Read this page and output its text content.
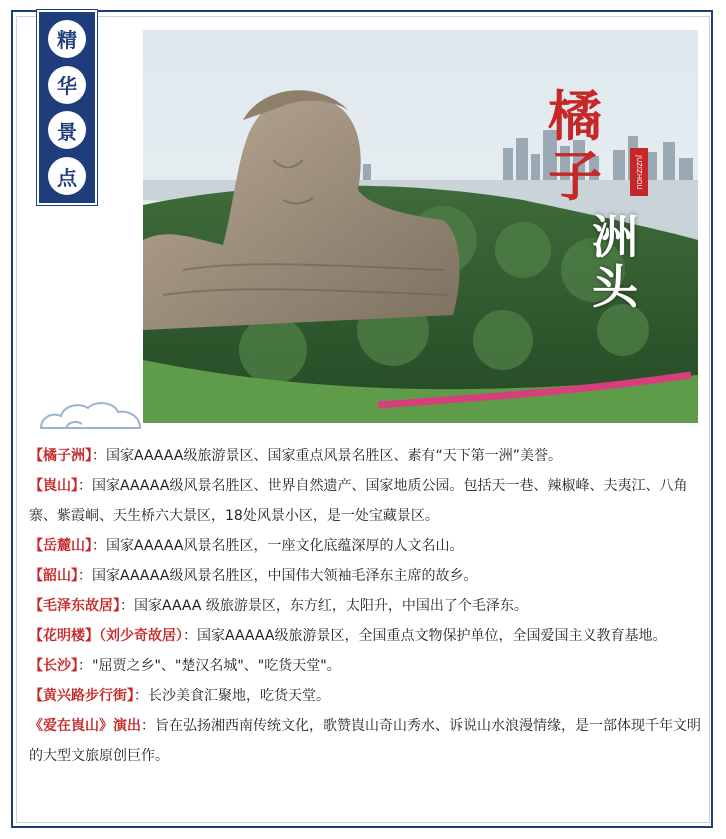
精
华
景
点
橘
子	JUZIZHOU
洲
头

【橘子洲】：国家AAAAA级旅游景区、国家重点风景名胜区、素有“天下第一洲”美誉。

【崀山】：国家AAAAA级风景名胜区、世界自然遗产、国家地质公园。包括天一巷、辣椒峰、夫夷江、八角寨、紫霞峒、天生桥六大景区，18处风景小区，是一处宝藏景区。

【岳麓山】：国家AAAAA风景名胜区，一座文化底蕴深厚的人文名山。

【韶山】：国家AAAAA级风景名胜区，中国伟大领袖毛泽东主席的故乡。

【毛泽东故居】：国家AAAA 级旅游景区，东方红，太阳升，中国出了个毛泽东。

【花明楼】（刘少奇故居）：国家AAAAA级旅游景区，全国重点文物保护单位，全国爱国主义教育基地。

【长沙】："屈贾之乡"、"楚汉名城"、"吃货天堂"。

【黄兴路步行街】：长沙美食汇聚地，吃货天堂。

《爱在崀山》演出：旨在弘扬湘西南传统文化，歌赞崀山奇山秀水、诉说山水浪漫情缘，是一部体现千年文明的大型文旅原创巨作。
